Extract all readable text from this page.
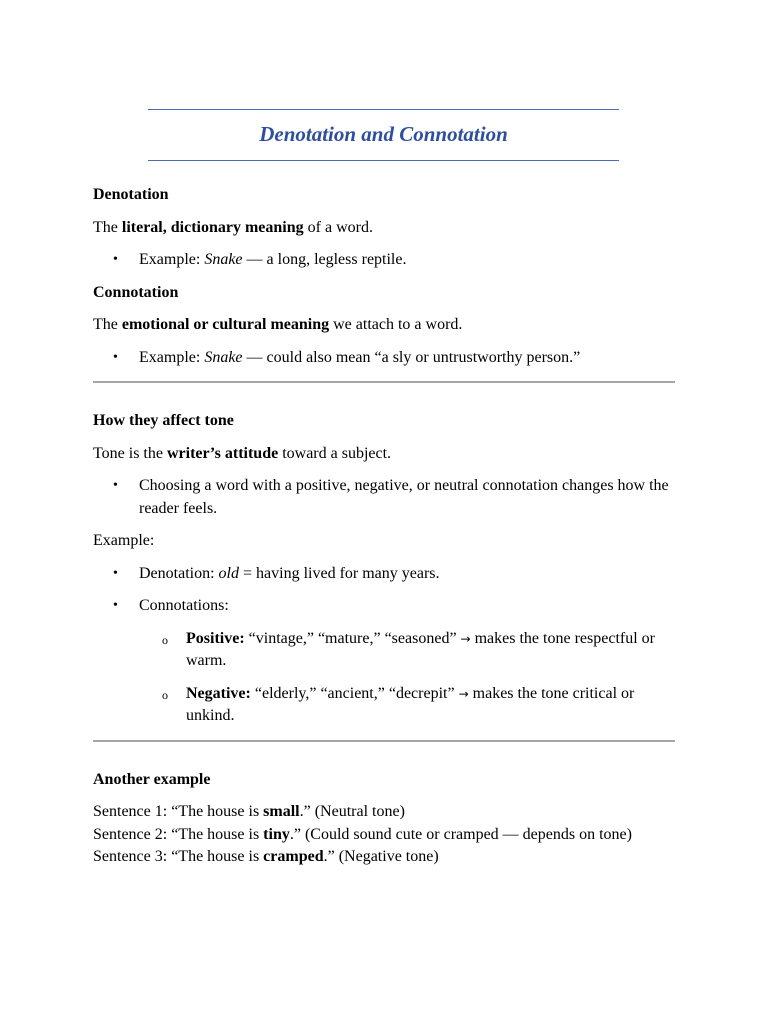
Denotation and Connotation

Denotation

The literal, dictionary meaning of a word.

• Example: Snake — a long, legless reptile.

Connotation

The emotional or cultural meaning we attach to a word.

• Example: Snake — could also mean “a sly or untrustworthy person.”

How they affect tone

Tone is the writer’s attitude toward a subject.

• Choosing a word with a positive, negative, or neutral connotation changes how the reader feels.

Example:

• Denotation: old = having lived for many years.
• Connotations:
o Positive: “vintage,” “mature,” “seasoned” → makes the tone respectful or warm.
o Negative: “elderly,” “ancient,” “decrepit” → makes the tone critical or unkind.

Another example

Sentence 1: “The house is small.” (Neutral tone)

Sentence 2: “The house is tiny.” (Could sound cute or cramped — depends on tone)

Sentence 3: “The house is cramped.” (Negative tone)
